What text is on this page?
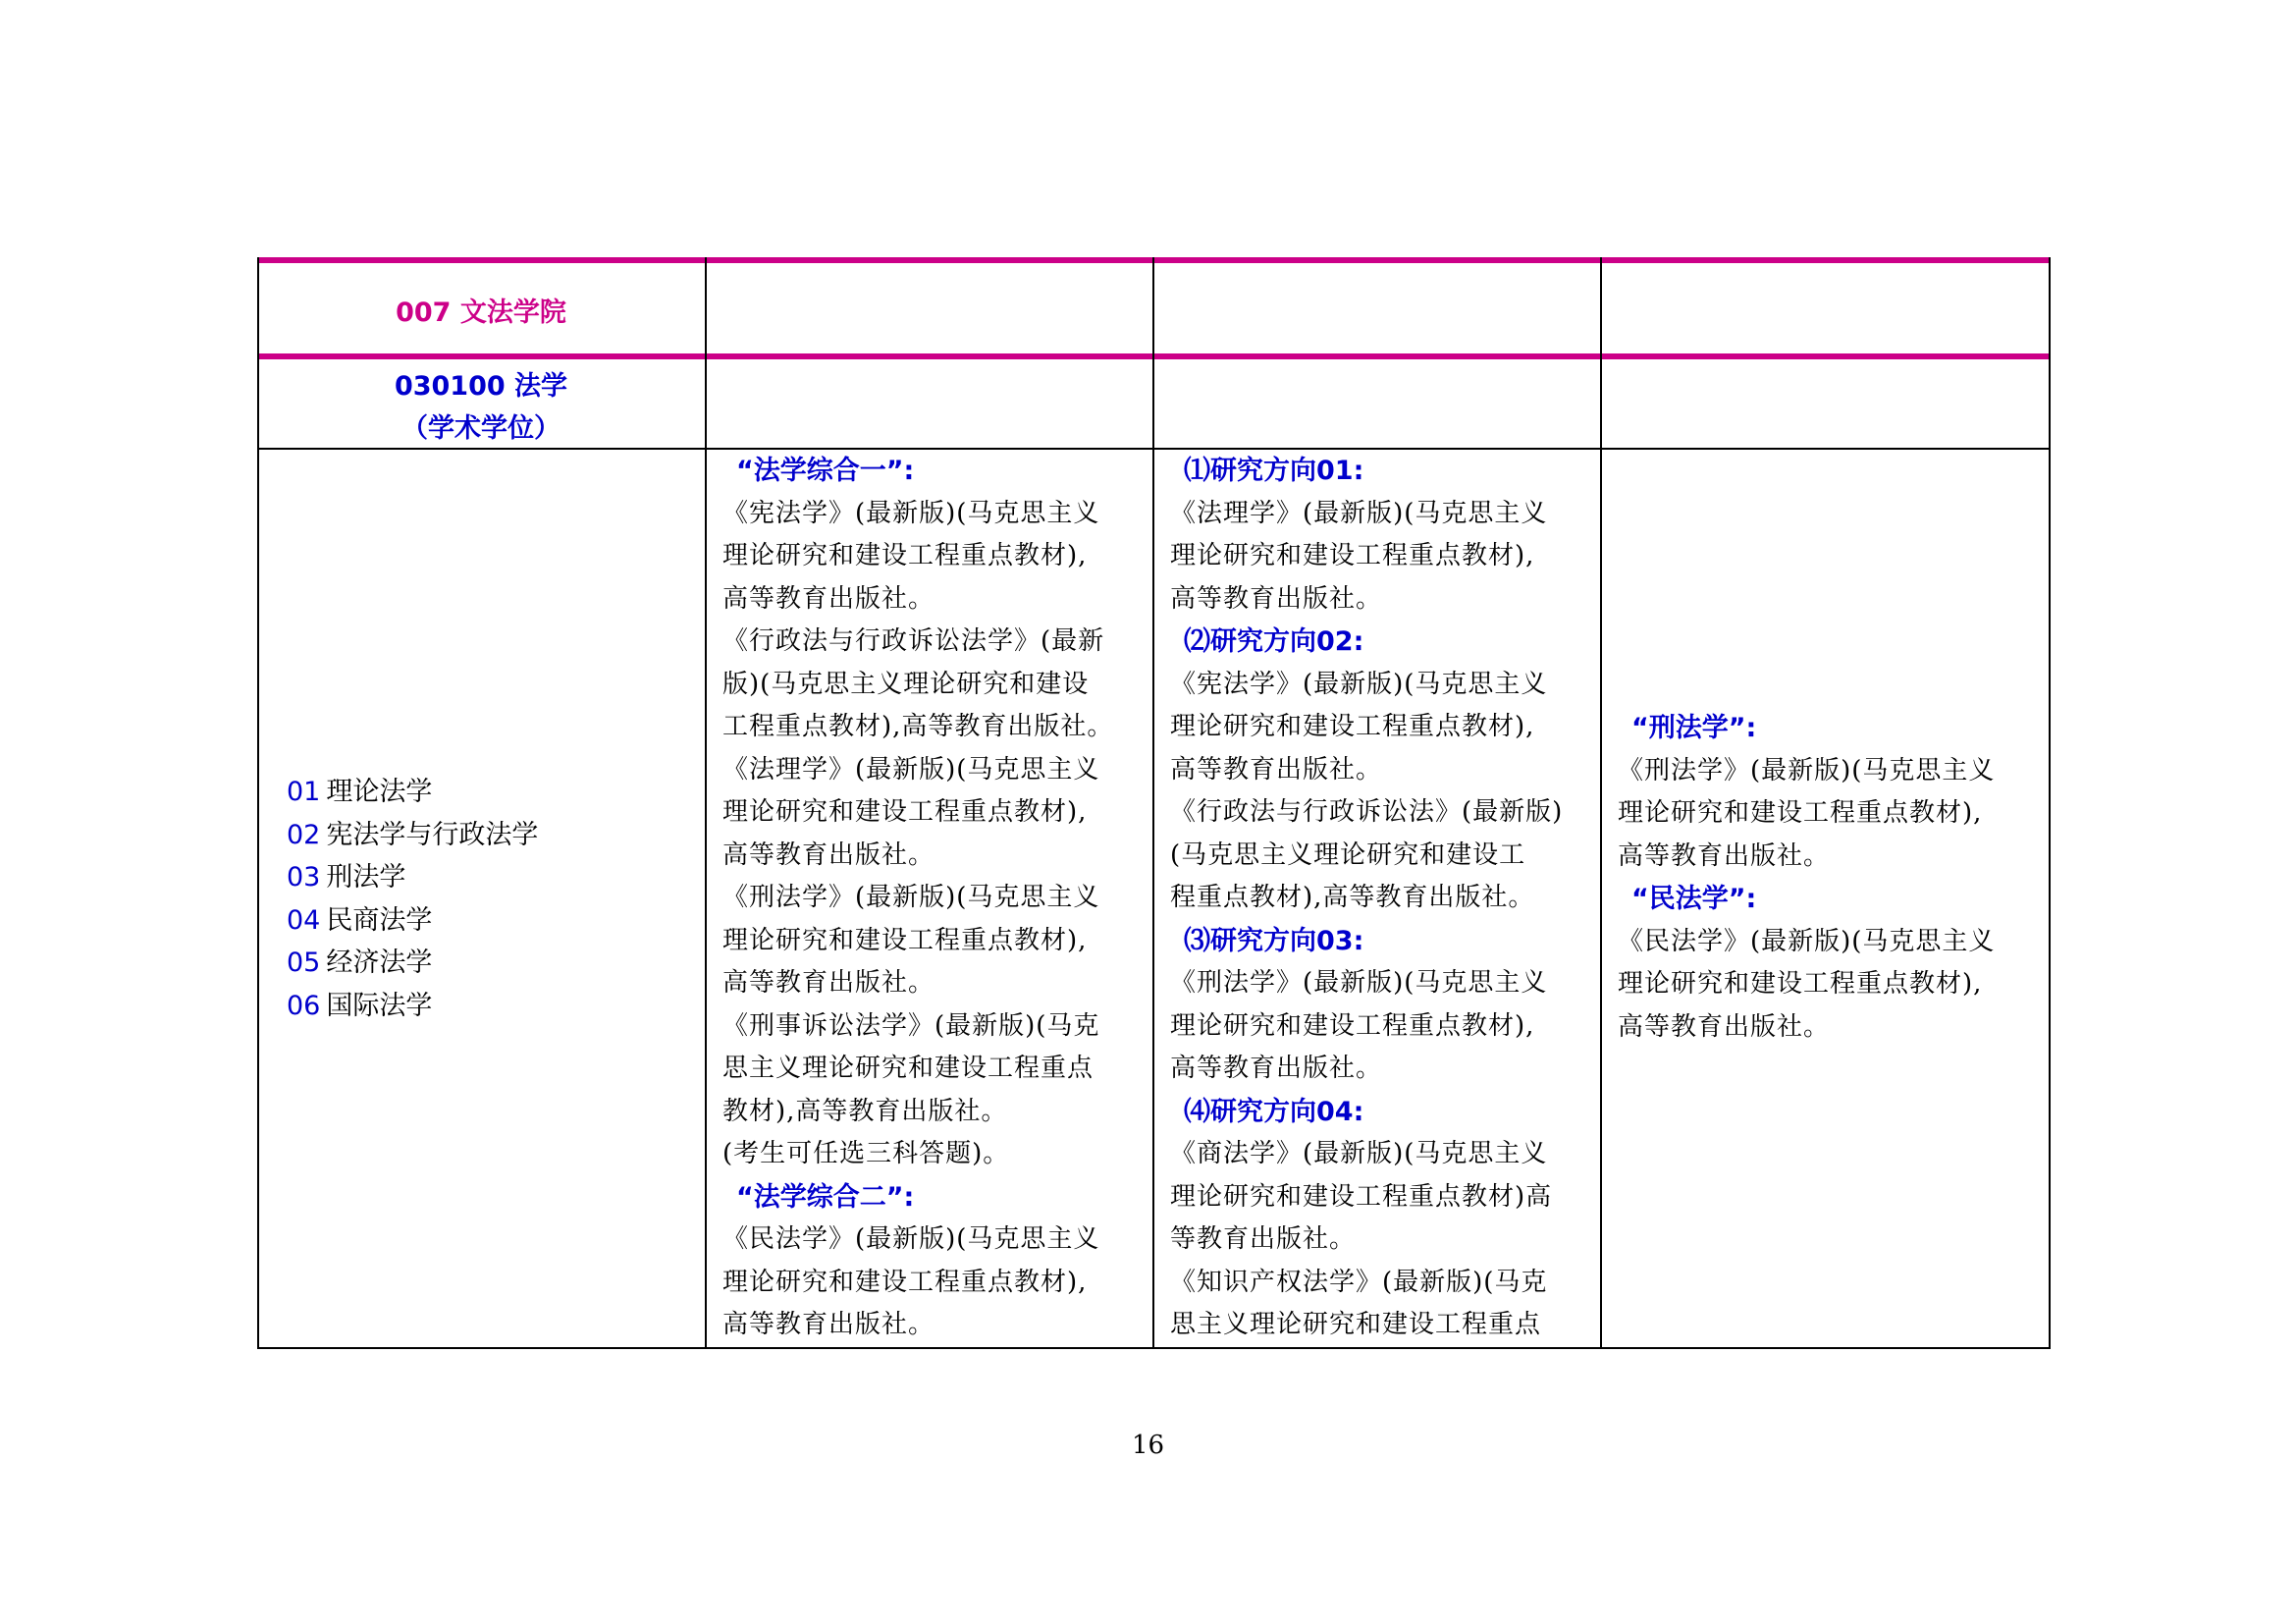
007 文法学院
030100 法学
（学术学位）
01 理论法学
02 宪法学与行政法学
03 刑法学
04 民商法学
05 经济法学
06 国际法学
“法学综合一”:
《宪法学》(最新版)(马克思主义
理论研究和建设工程重点教材),
高等教育出版社。
《行政法与行政诉讼法学》(最新
版)(马克思主义理论研究和建设
工程重点教材),高等教育出版社。
《法理学》(最新版)(马克思主义
理论研究和建设工程重点教材),
高等教育出版社。
《刑法学》(最新版)(马克思主义
理论研究和建设工程重点教材),
高等教育出版社。
《刑事诉讼法学》(最新版)(马克
思主义理论研究和建设工程重点
教材),高等教育出版社。
(考生可任选三科答题)。
“法学综合二”:
《民法学》(最新版)(马克思主义
理论研究和建设工程重点教材),
高等教育出版社。
⑴研究方向01:
《法理学》(最新版)(马克思主义
理论研究和建设工程重点教材),
高等教育出版社。
⑵研究方向02:
《宪法学》(最新版)(马克思主义
理论研究和建设工程重点教材),
高等教育出版社。
《行政法与行政诉讼法》(最新版)
(马克思主义理论研究和建设工
程重点教材),高等教育出版社。
⑶研究方向03:
《刑法学》(最新版)(马克思主义
理论研究和建设工程重点教材),
高等教育出版社。
⑷研究方向04:
《商法学》(最新版)(马克思主义
理论研究和建设工程重点教材)高
等教育出版社。
《知识产权法学》(最新版)(马克
思主义理论研究和建设工程重点
“刑法学”:
《刑法学》(最新版)(马克思主义
理论研究和建设工程重点教材),
高等教育出版社。
“民法学”:
《民法学》(最新版)(马克思主义
理论研究和建设工程重点教材),
高等教育出版社。
16
